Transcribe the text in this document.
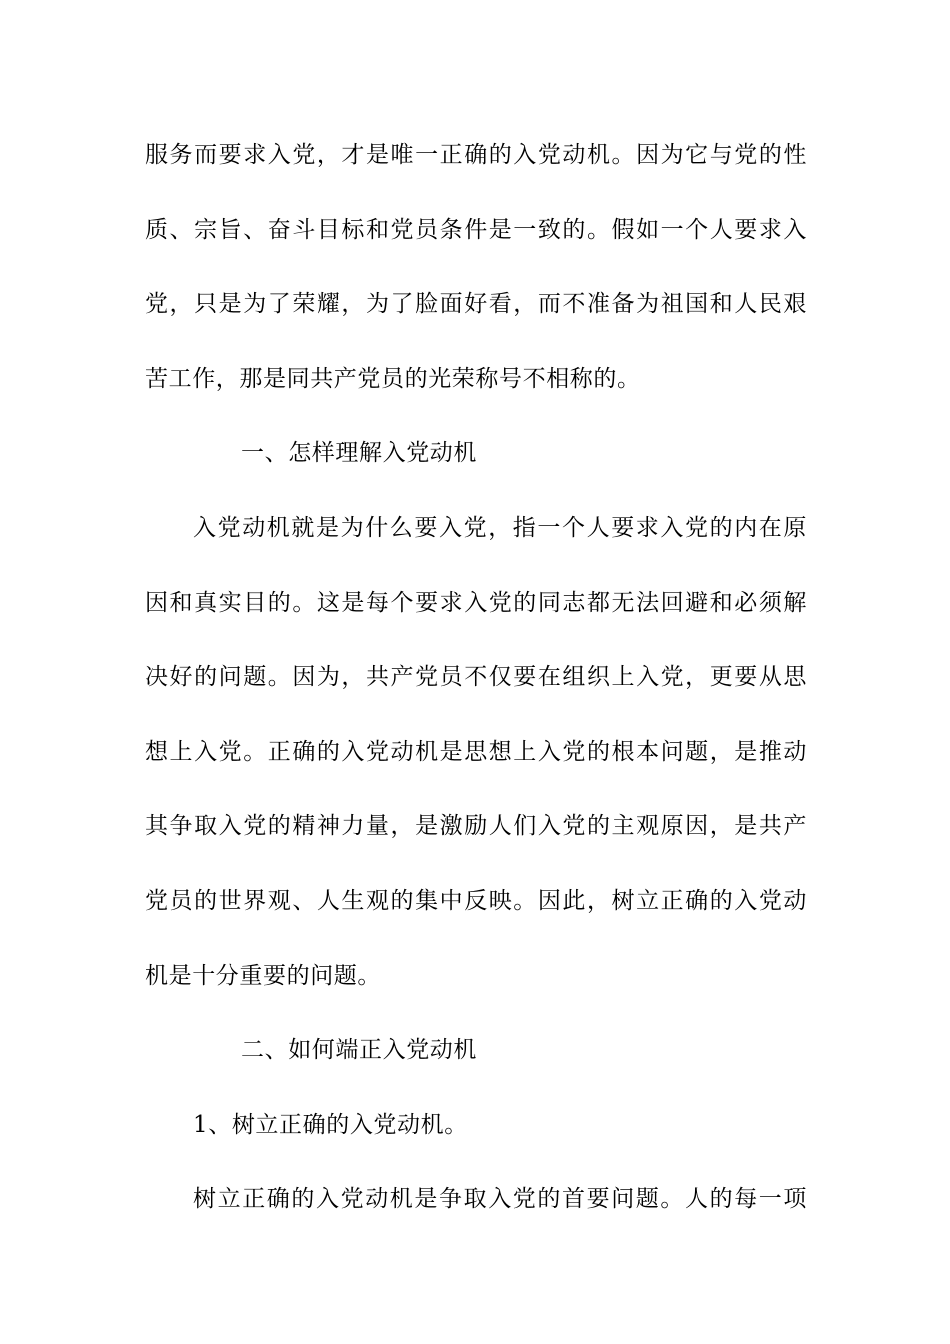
服务而要求入党，才是唯一正确的入党动机。因为它与党的性
质、宗旨、奋斗目标和党员条件是一致的。假如一个人要求入
党，只是为了荣耀，为了脸面好看，而不准备为祖国和人民艰
苦工作，那是同共产党员的光荣称号不相称的。
一、怎样理解入党动机
入党动机就是为什么要入党，指一个人要求入党的内在原
因和真实目的。这是每个要求入党的同志都无法回避和必须解
决好的问题。因为，共产党员不仅要在组织上入党，更要从思
想上入党。正确的入党动机是思想上入党的根本问题，是推动
其争取入党的精神力量，是激励人们入党的主观原因，是共产
党员的世界观、人生观的集中反映。因此，树立正确的入党动
机是十分重要的问题。
二、如何端正入党动机
1、树立正确的入党动机。
树立正确的入党动机是争取入党的首要问题。人的每一项
